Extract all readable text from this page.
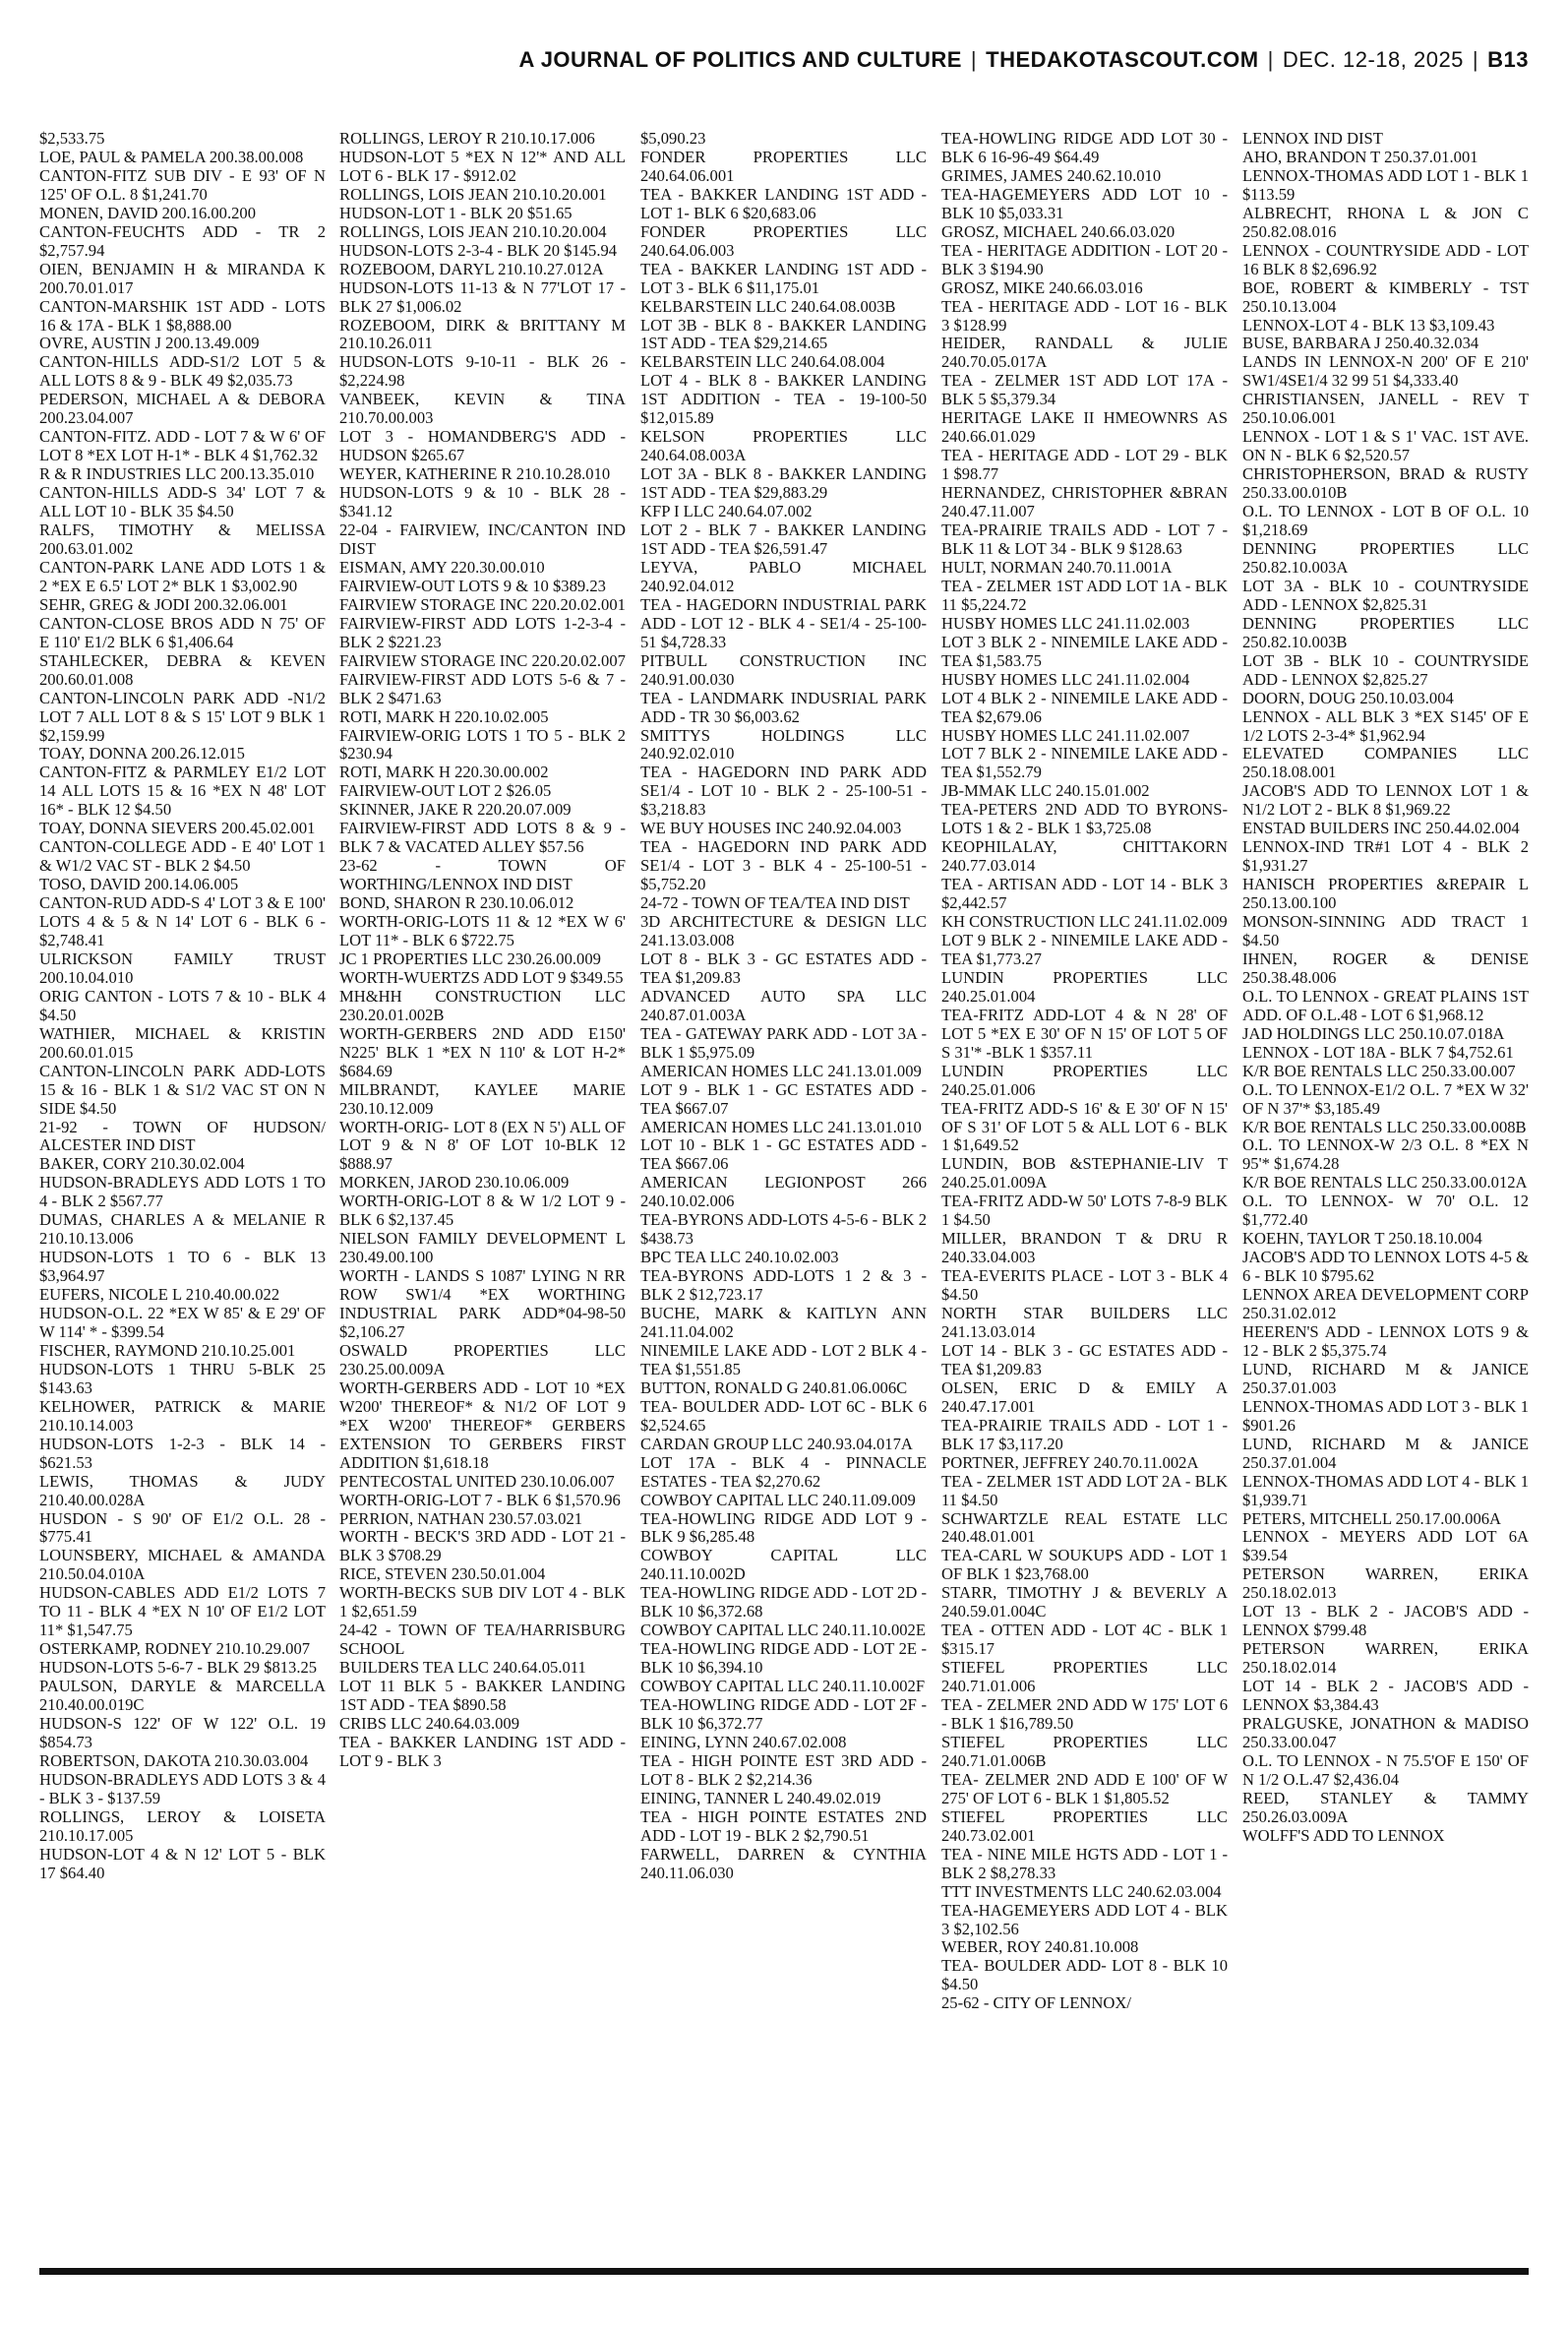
A JOURNAL OF POLITICS AND CULTURE | THEDAKOTASCOUT.COM | DEC. 12-18, 2025 | B13

$2,533.75

LOE, PAUL & PAMELA 200.38.00.008

CANTON-FITZ SUB DIV - E 93' OF N 125' OF O.L. 8 $1,241.70

MONEN, DAVID 200.16.00.200

CANTON-FEUCHTS ADD - TR 2 $2,757.94

OIEN, BENJAMIN H & MIRANDA K 200.70.01.017

CANTON-MARSHIK 1ST ADD - LOTS 16 & 17A - BLK 1 $8,888.00

OVRE, AUSTIN J 200.13.49.009

CANTON-HILLS ADD-S1/2 LOT 5 & ALL LOTS 8 & 9 - BLK 49 $2,035.73

PEDERSON, MICHAEL A & DEBORA 200.23.04.007

CANTON-FITZ. ADD - LOT 7 & W 6' OF LOT 8 *EX LOT H-1* - BLK 4 $1,762.32

R & R INDUSTRIES LLC 200.13.35.010

CANTON-HILLS ADD-S 34' LOT 7 & ALL LOT 10 - BLK 35 $4.50

RALFS, TIMOTHY & MELISSA 200.63.01.002

CANTON-PARK LANE ADD LOTS 1 & 2 *EX E 6.5' LOT 2* BLK 1 $3,002.90

SEHR, GREG & JODI 200.32.06.001

CANTON-CLOSE BROS ADD N 75' OF E 110' E1/2 BLK 6 $1,406.64

STAHLECKER, DEBRA & KEVEN 200.60.01.008

CANTON-LINCOLN PARK ADD -N1/2 LOT 7 ALL LOT 8 & S 15' LOT 9 BLK 1 $2,159.99

TOAY, DONNA 200.26.12.015

CANTON-FITZ & PARMLEY E1/2 LOT 14 ALL LOTS 15 & 16 *EX N 48' LOT 16* - BLK 12 $4.50

TOAY, DONNA SIEVERS 200.45.02.001

CANTON-COLLEGE ADD - E 40' LOT 1 & W1/2 VAC ST - BLK 2 $4.50

TOSO, DAVID 200.14.06.005

CANTON-RUD ADD-S 4' LOT 3 & E 100' LOTS 4 & 5 & N 14' LOT 6 - BLK 6 - $2,748.41

ULRICKSON FAMILY TRUST 200.10.04.010

ORIG CANTON - LOTS 7 & 10 - BLK 4 $4.50

WATHIER, MICHAEL & KRISTIN 200.60.01.015

CANTON-LINCOLN PARK ADD-LOTS 15 & 16 - BLK 1 & S1/2 VAC ST ON N SIDE $4.50

21-92 - TOWN OF HUDSON/ ALCESTER IND DIST

BAKER, CORY 210.30.02.004

HUDSON-BRADLEYS ADD LOTS 1 TO 4 - BLK 2 $567.77

DUMAS, CHARLES A & MELANIE R 210.10.13.006

HUDSON-LOTS 1 TO 6 - BLK 13 $3,964.97

EUFERS, NICOLE L 210.40.00.022

HUDSON-O.L. 22 *EX W 85' & E 29' OF W 114' * - $399.54

FISCHER, RAYMOND 210.10.25.001

HUDSON-LOTS 1 THRU 5-BLK 25 $143.63

KELHOWER, PATRICK & MARIE 210.10.14.003

HUDSON-LOTS 1-2-3 - BLK 14 - $621.53

LEWIS, THOMAS & JUDY 210.40.00.028A

HUSDON - S 90' OF E1/2 O.L. 28 - $775.41

LOUNSBERY, MICHAEL & AMANDA 210.50.04.010A

HUDSON-CABLES ADD E1/2 LOTS 7 TO 11 - BLK 4 *EX N 10' OF E1/2 LOT 11* $1,547.75

OSTERKAMP, RODNEY 210.10.29.007

HUDSON-LOTS 5-6-7 - BLK 29 $813.25

PAULSON, DARYLE & MARCELLA 210.40.00.019C

HUDSON-S 122' OF W 122' O.L. 19 $854.73

ROBERTSON, DAKOTA 210.30.03.004

HUDSON-BRADLEYS ADD LOTS 3 & 4 - BLK 3 - $137.59

ROLLINGS, LEROY & LOISETA 210.10.17.005

HUDSON-LOT 4 & N 12' LOT 5 - BLK 17 $64.40

ROLLINGS, LEROY R 210.10.17.006

HUDSON-LOT 5 *EX N 12'* AND ALL LOT 6 - BLK 17 - $912.02

ROLLINGS, LOIS JEAN 210.10.20.001

HUDSON-LOT 1 - BLK 20 $51.65

ROLLINGS, LOIS JEAN 210.10.20.004

HUDSON-LOTS 2-3-4 - BLK 20 $145.94

ROZEBOOM, DARYL 210.10.27.012A

HUDSON-LOTS 11-13 & N 77'LOT 17 - BLK 27 $1,006.02

ROZEBOOM, DIRK & BRITTANY M 210.10.26.011

HUDSON-LOTS 9-10-11 - BLK 26 - $2,224.98

VANBEEK, KEVIN & TINA 210.70.00.003

LOT 3 - HOMANDBERG'S ADD - HUDSON $265.67

WEYER, KATHERINE R 210.10.28.010

HUDSON-LOTS 9 & 10 - BLK 28 - $341.12

22-04 - FAIRVIEW, INC/CANTON IND DIST

EISMAN, AMY 220.30.00.010

FAIRVIEW-OUT LOTS 9 & 10 $389.23

FAIRVIEW STORAGE INC 220.20.02.001

FAIRVIEW-FIRST ADD LOTS 1-2-3-4 - BLK 2 $221.23

FAIRVIEW STORAGE INC 220.20.02.007

FAIRVIEW-FIRST ADD LOTS 5-6 & 7 - BLK 2 $471.63

ROTI, MARK H 220.10.02.005

FAIRVIEW-ORIG LOTS 1 TO 5 - BLK 2 $230.94

ROTI, MARK H 220.30.00.002

FAIRVIEW-OUT LOT 2 $26.05

SKINNER, JAKE R 220.20.07.009

FAIRVIEW-FIRST ADD LOTS 8 & 9 - BLK 7 & VACATED ALLEY $57.56

23-62 - TOWN OF WORTHING/LENNOX IND DIST

BOND, SHARON R 230.10.06.012

WORTH-ORIG-LOTS 11 & 12 *EX W 6' LOT 11* - BLK 6 $722.75

JC 1 PROPERTIES LLC 230.26.00.009

WORTH-WUERTZS ADD LOT 9 $349.55

MH&HH CONSTRUCTION LLC 230.20.01.002B

WORTH-GERBERS 2ND ADD E150' N225' BLK 1 *EX N 110' & LOT H-2* $684.69

MILBRANDT, KAYLEE MARIE 230.10.12.009

WORTH-ORIG- LOT 8 (EX N 5') ALL OF LOT 9 & N 8' OF LOT 10-BLK 12 $888.97

MORKEN, JAROD 230.10.06.009

WORTH-ORIG-LOT 8 & W 1/2 LOT 9 - BLK 6 $2,137.45

NIELSON FAMILY DEVELOPMENT L 230.49.00.100

WORTH - LANDS S 1087' LYING N RR ROW SW1/4 *EX WORTHING INDUSTRIAL PARK ADD*04-98-50 $2,106.27

OSWALD PROPERTIES LLC 230.25.00.009A

WORTH-GERBERS ADD - LOT 10 *EX W200' THEREOF* & N1/2 OF LOT 9 *EX W200' THEREOF* GERBERS EXTENSION TO GERBERS FIRST ADDITION $1,618.18

PENTECOSTAL UNITED 230.10.06.007

WORTH-ORIG-LOT 7 - BLK 6 $1,570.96

PERRION, NATHAN 230.57.03.021

WORTH - BECK'S 3RD ADD - LOT 21 - BLK 3 $708.29

RICE, STEVEN 230.50.01.004

WORTH-BECKS SUB DIV LOT 4 - BLK 1 $2,651.59

24-42 - TOWN OF TEA/HARRISBURG SCHOOL

BUILDERS TEA LLC 240.64.05.011

LOT 11 BLK 5 - BAKKER LANDING 1ST ADD - TEA $890.58

CRIBS LLC 240.64.03.009

TEA - BAKKER LANDING 1ST ADD - LOT 9 - BLK 3

$5,090.23

FONDER PROPERTIES LLC 240.64.06.001

TEA - BAKKER LANDING 1ST ADD - LOT 1- BLK 6 $20,683.06

FONDER PROPERTIES LLC 240.64.06.003

TEA - BAKKER LANDING 1ST ADD - LOT 3 - BLK 6 $11,175.01

KELBARSTEIN LLC 240.64.08.003B

LOT 3B - BLK 8 - BAKKER LANDING 1ST ADD - TEA $29,214.65

KELBARSTEIN LLC 240.64.08.004

LOT 4 - BLK 8 - BAKKER LANDING 1ST ADDITION - TEA - 19-100-50 $12,015.89

KELSON PROPERTIES LLC 240.64.08.003A

LOT 3A - BLK 8 - BAKKER LANDING 1ST ADD - TEA $29,883.29

KFP I LLC 240.64.07.002

LOT 2 - BLK 7 - BAKKER LANDING 1ST ADD - TEA $26,591.47

LEYVA, PABLO MICHAEL 240.92.04.012

TEA - HAGEDORN INDUSTRIAL PARK ADD - LOT 12 - BLK 4 - SE1/4 - 25-100-51 $4,728.33

PITBULL CONSTRUCTION INC 240.91.00.030

TEA - LANDMARK INDUSRIAL PARK ADD - TR 30 $6,003.62

SMITTYS HOLDINGS LLC 240.92.02.010

TEA - HAGEDORN IND PARK ADD SE1/4 - LOT 10 - BLK 2 - 25-100-51 - $3,218.83

WE BUY HOUSES INC 240.92.04.003

TEA - HAGEDORN IND PARK ADD SE1/4 - LOT 3 - BLK 4 - 25-100-51 - $5,752.20

24-72 - TOWN OF TEA/TEA IND DIST

3D ARCHITECTURE & DESIGN LLC 241.13.03.008

LOT 8 - BLK 3 - GC ESTATES ADD - TEA $1,209.83

ADVANCED AUTO SPA LLC 240.87.01.003A

TEA - GATEWAY PARK ADD - LOT 3A - BLK 1 $5,975.09

AMERICAN HOMES LLC 241.13.01.009

LOT 9 - BLK 1 - GC ESTATES ADD - TEA $667.07

AMERICAN HOMES LLC 241.13.01.010

LOT 10 - BLK 1 - GC ESTATES ADD - TEA $667.06

AMERICAN LEGIONPOST 266 240.10.02.006

TEA-BYRONS ADD-LOTS 4-5-6 - BLK 2 $438.73

BPC TEA LLC 240.10.02.003

TEA-BYRONS ADD-LOTS 1 2 & 3 - BLK 2 $12,723.17

BUCHE, MARK & KAITLYN ANN 241.11.04.002

NINEMILE LAKE ADD - LOT 2 BLK 4 - TEA $1,551.85

BUTTON, RONALD G 240.81.06.006C

TEA- BOULDER ADD- LOT 6C - BLK 6 $2,524.65

CARDAN GROUP LLC 240.93.04.017A

LOT 17A - BLK 4 - PINNACLE ESTATES - TEA $2,270.62

COWBOY CAPITAL LLC 240.11.09.009

TEA-HOWLING RIDGE ADD LOT 9 - BLK 9 $6,285.48

COWBOY CAPITAL LLC 240.11.10.002D

TEA-HOWLING RIDGE ADD - LOT 2D - BLK 10 $6,372.68

COWBOY CAPITAL LLC 240.11.10.002E

TEA-HOWLING RIDGE ADD - LOT 2E - BLK 10 $6,394.10

COWBOY CAPITAL LLC 240.11.10.002F

TEA-HOWLING RIDGE ADD - LOT 2F - BLK 10 $6,372.77

EINING, LYNN 240.67.02.008

TEA - HIGH POINTE EST 3RD ADD - LOT 8 - BLK 2 $2,214.36

EINING, TANNER L 240.49.02.019

TEA - HIGH POINTE ESTATES 2ND ADD - LOT 19 - BLK 2 $2,790.51

FARWELL, DARREN & CYNTHIA 240.11.06.030

TEA-HOWLING RIDGE ADD LOT 30 - BLK 6 16-96-49 $64.49

GRIMES, JAMES 240.62.10.010

TEA-HAGEMEYERS ADD LOT 10 - BLK 10 $5,033.31

GROSZ, MICHAEL 240.66.03.020

TEA - HERITAGE ADDITION - LOT 20 - BLK 3 $194.90

GROSZ, MIKE 240.66.03.016

TEA - HERITAGE ADD - LOT 16 - BLK 3 $128.99

HEIDER, RANDALL & JULIE 240.70.05.017A

TEA - ZELMER 1ST ADD LOT 17A - BLK 5 $5,379.34

HERITAGE LAKE II HMEOWNRS AS 240.66.01.029

TEA - HERITAGE ADD - LOT 29 - BLK 1 $98.77

HERNANDEZ, CHRISTOPHER &BRAN 240.47.11.007

TEA-PRAIRIE TRAILS ADD - LOT 7 - BLK 11 & LOT 34 - BLK 9 $128.63

HULT, NORMAN 240.70.11.001A

TEA - ZELMER 1ST ADD LOT 1A - BLK 11 $5,224.72

HUSBY HOMES LLC 241.11.02.003

LOT 3 BLK 2 - NINEMILE LAKE ADD -TEA $1,583.75

HUSBY HOMES LLC 241.11.02.004

LOT 4 BLK 2 - NINEMILE LAKE ADD -TEA $2,679.06

HUSBY HOMES LLC 241.11.02.007

LOT 7 BLK 2 - NINEMILE LAKE ADD -TEA $1,552.79

JB-MMAK LLC 240.15.01.002

TEA-PETERS 2ND ADD TO BYRONS-LOTS 1 & 2 - BLK 1 $3,725.08

KEOPHILALAY, CHITTAKORN 240.77.03.014

TEA - ARTISAN ADD - LOT 14 - BLK 3 $2,442.57

KH CONSTRUCTION LLC 241.11.02.009

LOT 9 BLK 2 - NINEMILE LAKE ADD -TEA $1,773.27

LUNDIN PROPERTIES LLC 240.25.01.004

TEA-FRITZ ADD-LOT 4 & N 28' OF LOT 5 *EX E 30' OF N 15' OF LOT 5 OF S 31'* -BLK 1 $357.11

LUNDIN PROPERTIES LLC 240.25.01.006

TEA-FRITZ ADD-S 16' & E 30' OF N 15' OF S 31' OF LOT 5 & ALL LOT 6 - BLK 1 $1,649.52

LUNDIN, BOB &STEPHANIE-LIV T 240.25.01.009A

TEA-FRITZ ADD-W 50' LOTS 7-8-9 BLK 1 $4.50

MILLER, BRANDON T & DRU R 240.33.04.003

TEA-EVERITS PLACE - LOT 3 - BLK 4 $4.50

NORTH STAR BUILDERS LLC 241.13.03.014

LOT 14 - BLK 3 - GC ESTATES ADD - TEA $1,209.83

OLSEN, ERIC D & EMILY A 240.47.17.001

TEA-PRAIRIE TRAILS ADD - LOT 1 - BLK 17 $3,117.20

PORTNER, JEFFREY 240.70.11.002A

TEA - ZELMER 1ST ADD LOT 2A - BLK 11 $4.50

SCHWARTZLE REAL ESTATE LLC 240.48.01.001

TEA-CARL W SOUKUPS ADD - LOT 1 OF BLK 1 $23,768.00

STARR, TIMOTHY J & BEVERLY A 240.59.01.004C

TEA - OTTEN ADD - LOT 4C - BLK 1 $315.17

STIEFEL PROPERTIES LLC 240.71.01.006

TEA - ZELMER 2ND ADD W 175' LOT 6 - BLK 1 $16,789.50

STIEFEL PROPERTIES LLC 240.71.01.006B

TEA- ZELMER 2ND ADD E 100' OF W 275' OF LOT 6 - BLK 1 $1,805.52

STIEFEL PROPERTIES LLC 240.73.02.001

TEA - NINE MILE HGTS ADD - LOT 1 - BLK 2 $8,278.33

TTT INVESTMENTS LLC 240.62.03.004

TEA-HAGEMEYERS ADD LOT 4 - BLK 3 $2,102.56

WEBER, ROY 240.81.10.008

TEA- BOULDER ADD- LOT 8 - BLK 10 $4.50

25-62 - CITY OF LENNOX/

LENNOX IND DIST

AHO, BRANDON T 250.37.01.001

LENNOX-THOMAS ADD LOT 1 - BLK 1 $113.59

ALBRECHT, RHONA L & JON C 250.82.08.016

LENNOX - COUNTRYSIDE ADD - LOT 16 BLK 8 $2,696.92

BOE, ROBERT & KIMBERLY - TST 250.10.13.004

LENNOX-LOT 4 - BLK 13 $3,109.43

BUSE, BARBARA J 250.40.32.034

LANDS IN LENNOX-N 200' OF E 210' SW1/4SE1/4 32 99 51 $4,333.40

CHRISTIANSEN, JANELL - REV T 250.10.06.001

LENNOX - LOT 1 & S 1' VAC. 1ST AVE. ON N - BLK 6 $2,520.57

CHRISTOPHERSON, BRAD & RUSTY 250.33.00.010B

O.L. TO LENNOX - LOT B OF O.L. 10 $1,218.69

DENNING PROPERTIES LLC 250.82.10.003A

LOT 3A - BLK 10 - COUNTRYSIDE ADD - LENNOX $2,825.31

DENNING PROPERTIES LLC 250.82.10.003B

LOT 3B - BLK 10 - COUNTRYSIDE ADD - LENNOX $2,825.27

DOORN, DOUG 250.10.03.004

LENNOX - ALL BLK 3 *EX S145' OF E 1/2 LOTS 2-3-4* $1,962.94

ELEVATED COMPANIES LLC 250.18.08.001

JACOB'S ADD TO LENNOX LOT 1 & N1/2 LOT 2 - BLK 8 $1,969.22

ENSTAD BUILDERS INC 250.44.02.004

LENNOX-IND TR#1 LOT 4 - BLK 2 $1,931.27

HANISCH PROPERTIES &REPAIR L 250.13.00.100

MONSON-SINNING ADD TRACT 1 $4.50

IHNEN, ROGER & DENISE 250.38.48.006

O.L. TO LENNOX - GREAT PLAINS 1ST ADD. OF O.L.48 - LOT 6 $1,968.12

JAD HOLDINGS LLC 250.10.07.018A

LENNOX - LOT 18A - BLK 7 $4,752.61

K/R BOE RENTALS LLC 250.33.00.007

O.L. TO LENNOX-E1/2 O.L. 7 *EX W 32' OF N 37'* $3,185.49

K/R BOE RENTALS LLC 250.33.00.008B

O.L. TO LENNOX-W 2/3 O.L. 8 *EX N 95'* $1,674.28

K/R BOE RENTALS LLC 250.33.00.012A

O.L. TO LENNOX- W 70' O.L. 12 $1,772.40

KOEHN, TAYLOR T 250.18.10.004

JACOB'S ADD TO LENNOX LOTS 4-5 & 6 - BLK 10 $795.62

LENNOX AREA DEVELOPMENT CORP 250.31.02.012

HEEREN'S ADD - LENNOX LOTS 9 & 12 - BLK 2 $5,375.74

LUND, RICHARD M & JANICE 250.37.01.003

LENNOX-THOMAS ADD LOT 3 - BLK 1 $901.26

LUND, RICHARD M & JANICE 250.37.01.004

LENNOX-THOMAS ADD LOT 4 - BLK 1 $1,939.71

PETERS, MITCHELL 250.17.00.006A

LENNOX - MEYERS ADD LOT 6A $39.54

PETERSON WARREN, ERIKA 250.18.02.013

LOT 13 - BLK 2 - JACOB'S ADD - LENNOX $799.48

PETERSON WARREN, ERIKA 250.18.02.014

LOT 14 - BLK 2 - JACOB'S ADD - LENNOX $3,384.43

PRALGUSKE, JONATHON & MADISO 250.33.00.047

O.L. TO LENNOX - N 75.5'OF E 150' OF N 1/2 O.L.47 $2,436.04

REED, STANLEY & TAMMY 250.26.03.009A

WOLFF'S ADD TO LENNOX
